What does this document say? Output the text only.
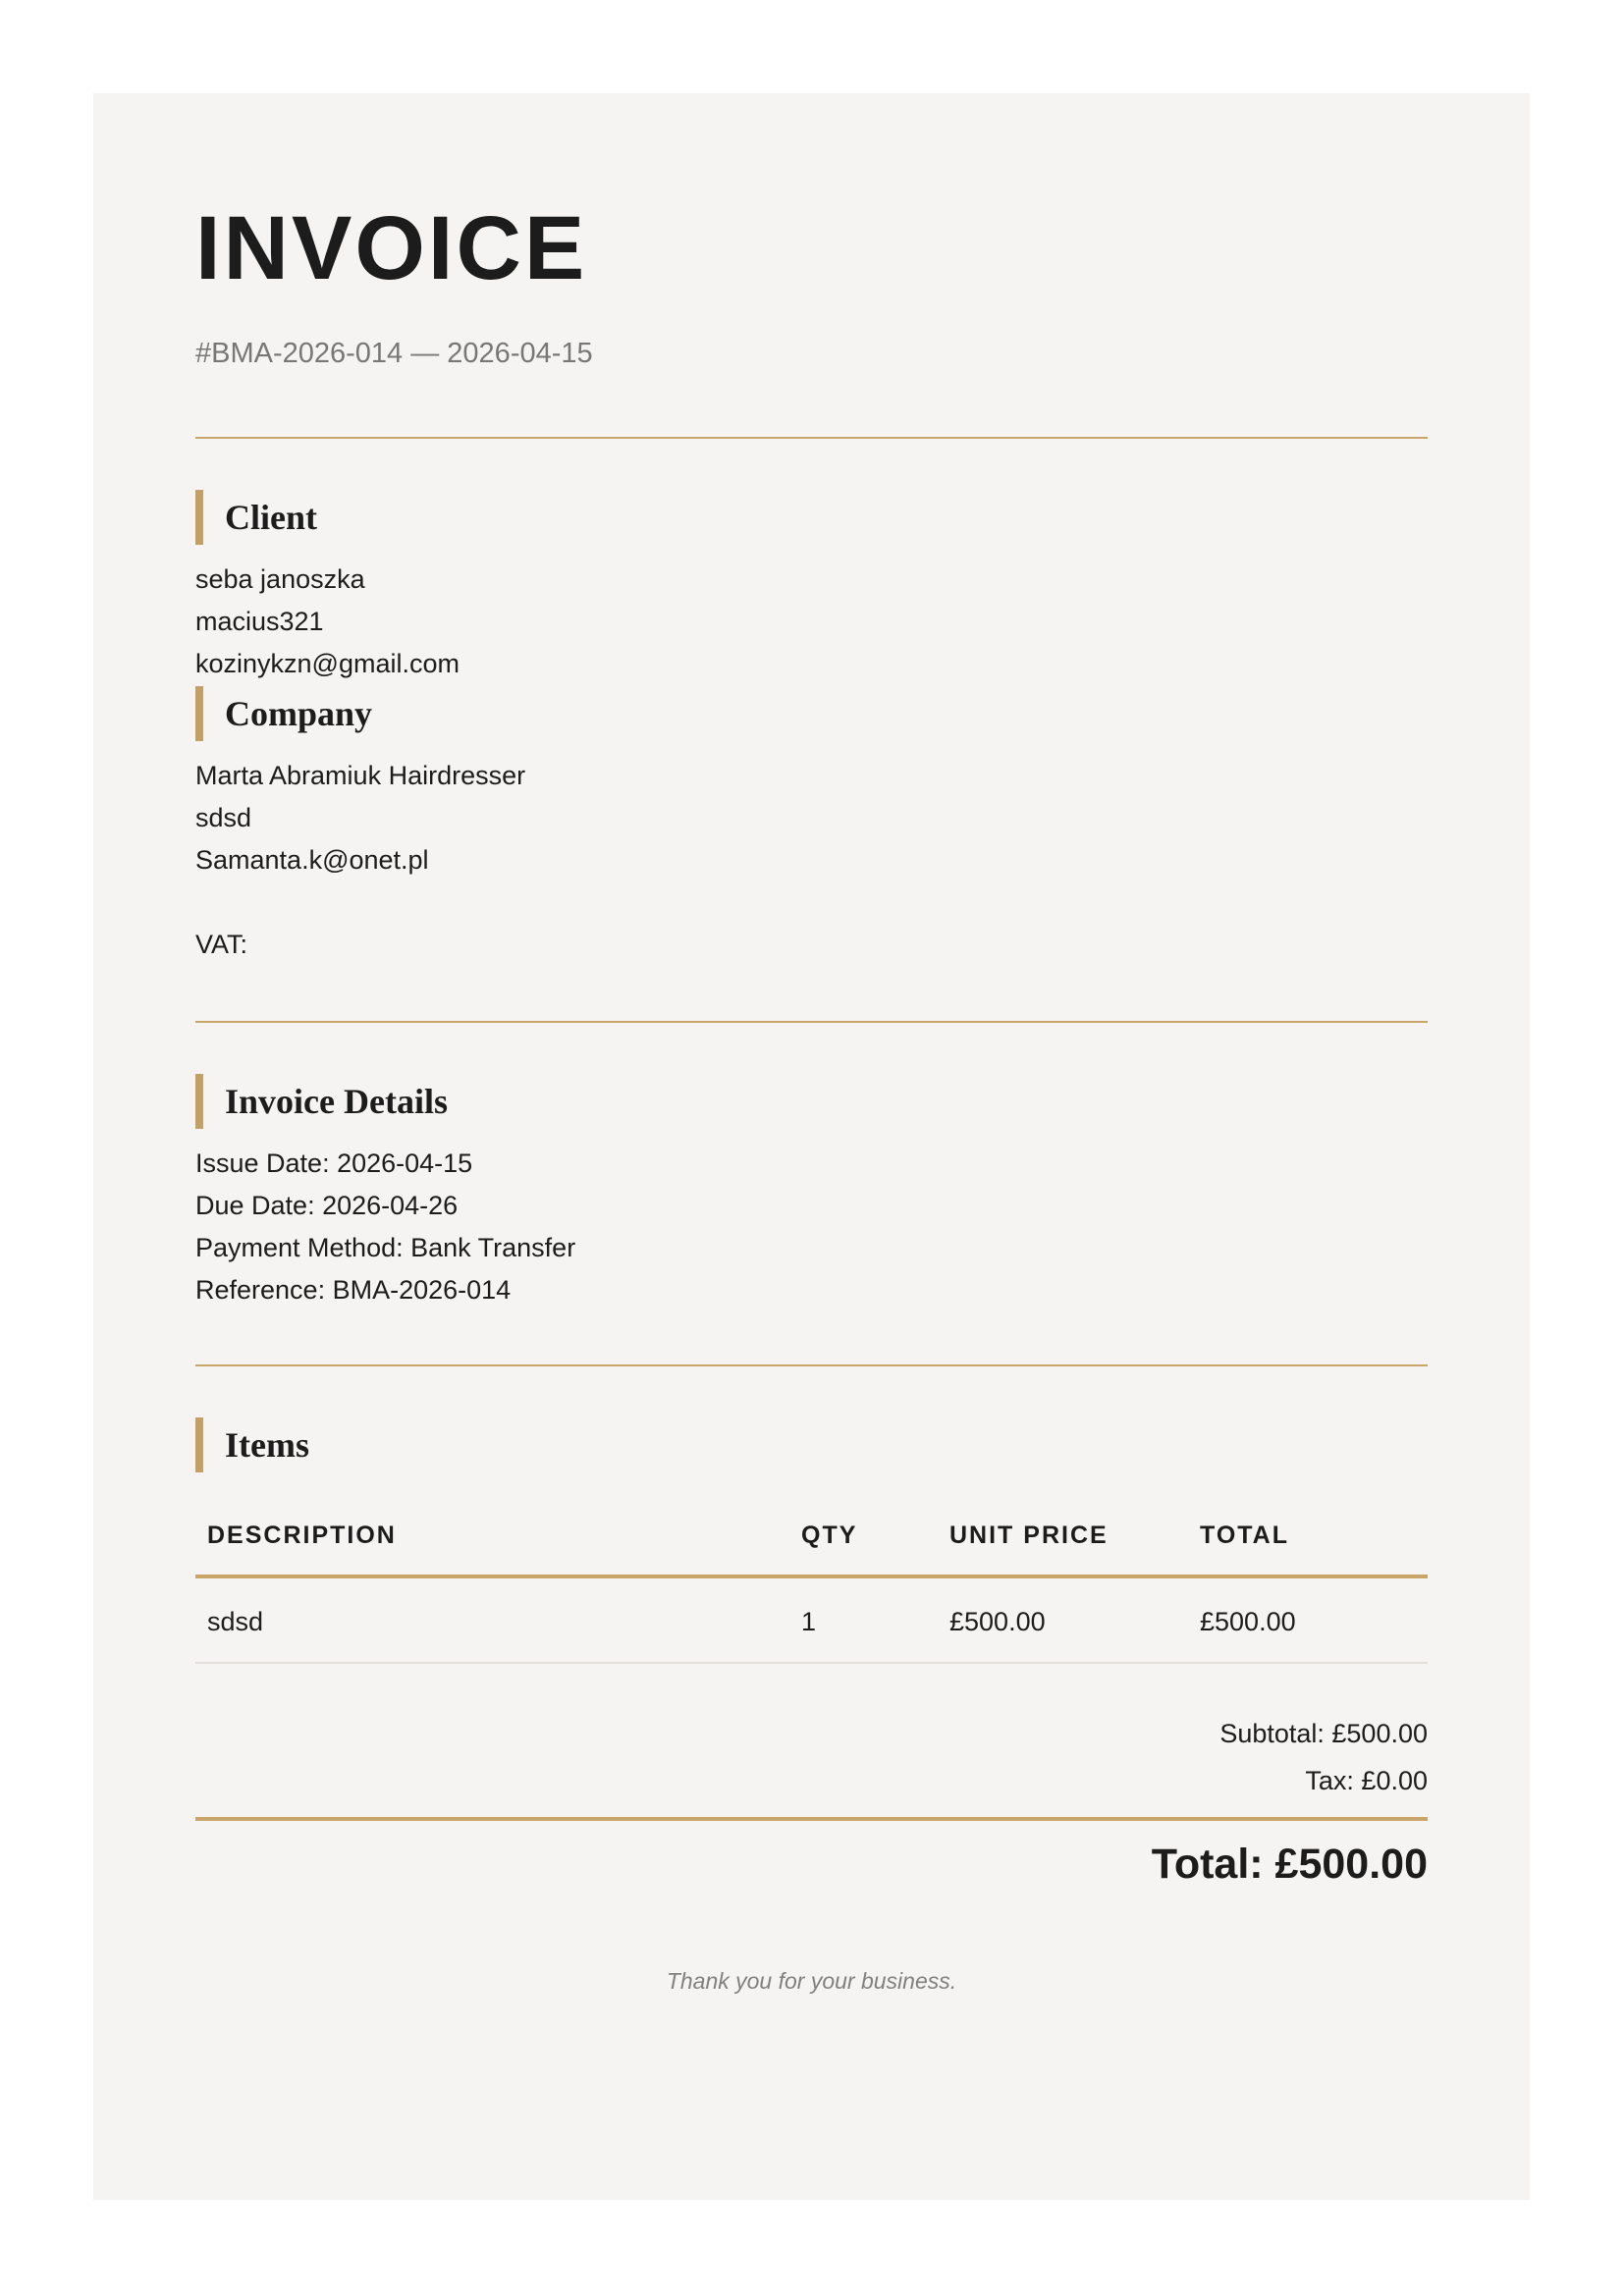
INVOICE
#BMA-2026-014 — 2026-04-15
Client
seba janoszka
macius321
kozinykzn@gmail.com
Company
Marta Abramiuk Hairdresser
sdsd
Samanta.k@onet.pl
VAT:
Invoice Details
Issue Date: 2026-04-15
Due Date: 2026-04-26
Payment Method: Bank Transfer
Reference: BMA-2026-014
Items
DESCRIPTION	QTY	UNIT PRICE	TOTAL
sdsd	1	£500.00	£500.00
Subtotal: £500.00
Tax: £0.00
Total: £500.00
Thank you for your business.
